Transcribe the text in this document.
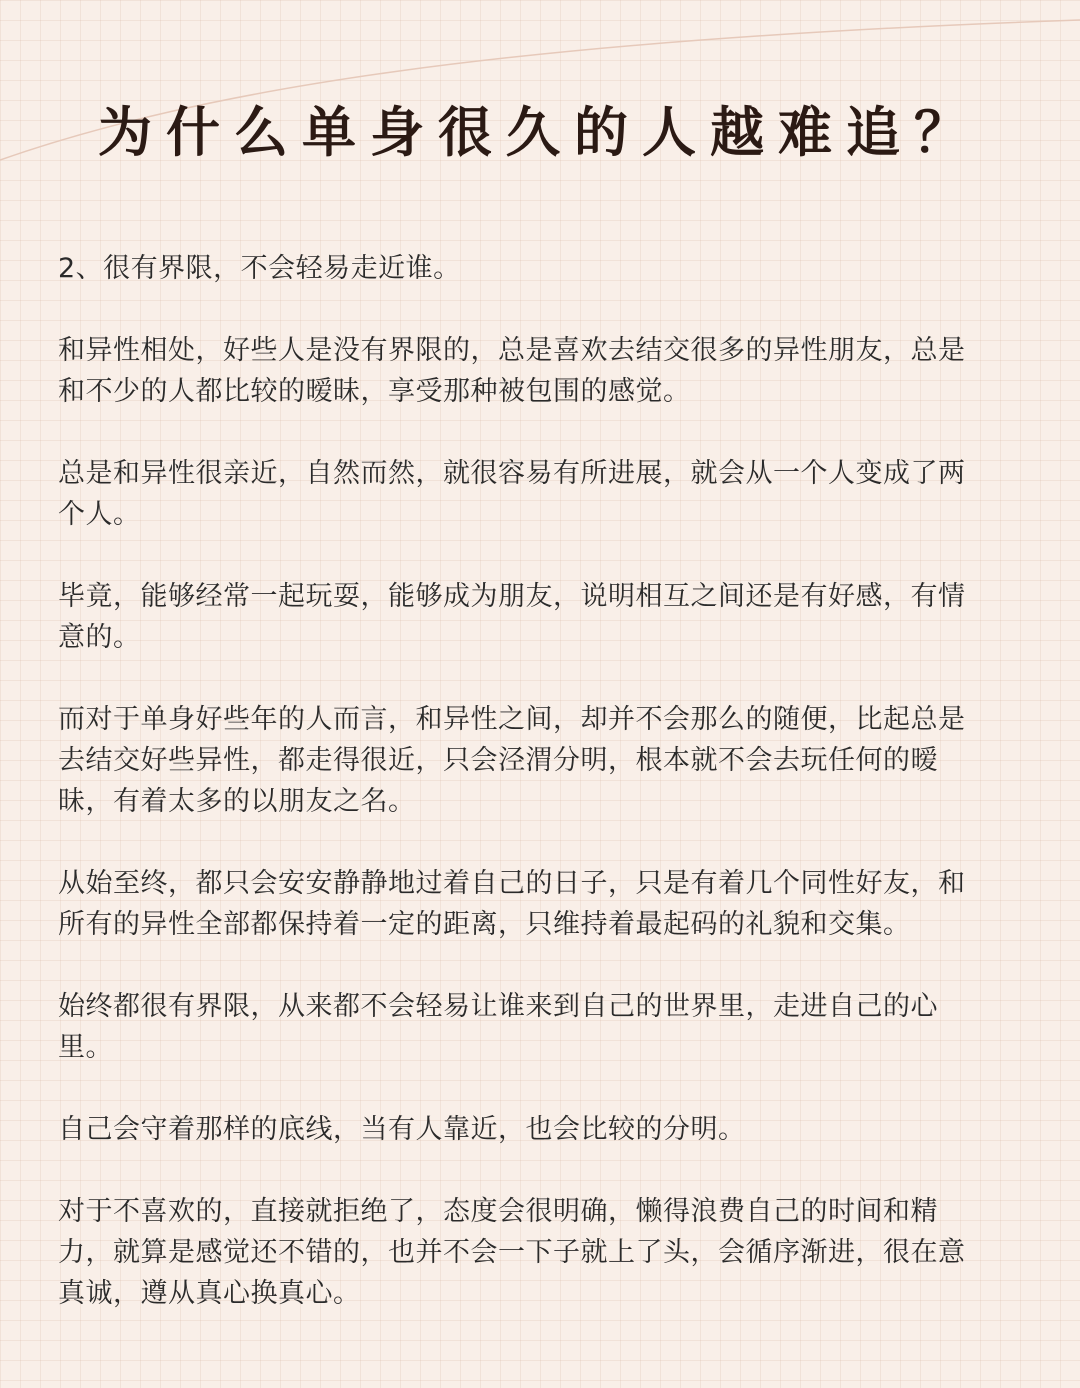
为什么单身很久的人越难追？

2、很有界限，不会轻易走近谁。

和异性相处，好些人是没有界限的，总是喜欢去结交很多的异性朋友，总是和不少的人都比较的暧昧，享受那种被包围的感觉。

总是和异性很亲近，自然而然，就很容易有所进展，就会从一个人变成了两个人。

毕竟，能够经常一起玩耍，能够成为朋友，说明相互之间还是有好感，有情意的。

而对于单身好些年的人而言，和异性之间，却并不会那么的随便，比起总是去结交好些异性，都走得很近，只会泾渭分明，根本就不会去玩任何的暧昧，有着太多的以朋友之名。

从始至终，都只会安安静静地过着自己的日子，只是有着几个同性好友，和所有的异性全部都保持着一定的距离，只维持着最起码的礼貌和交集。

始终都很有界限，从来都不会轻易让谁来到自己的世界里，走进自己的心里。

自己会守着那样的底线，当有人靠近，也会比较的分明。

对于不喜欢的，直接就拒绝了，态度会很明确，懒得浪费自己的时间和精力，就算是感觉还不错的，也并不会一下子就上了头，会循序渐进，很在意真诚，遵从真心换真心。
